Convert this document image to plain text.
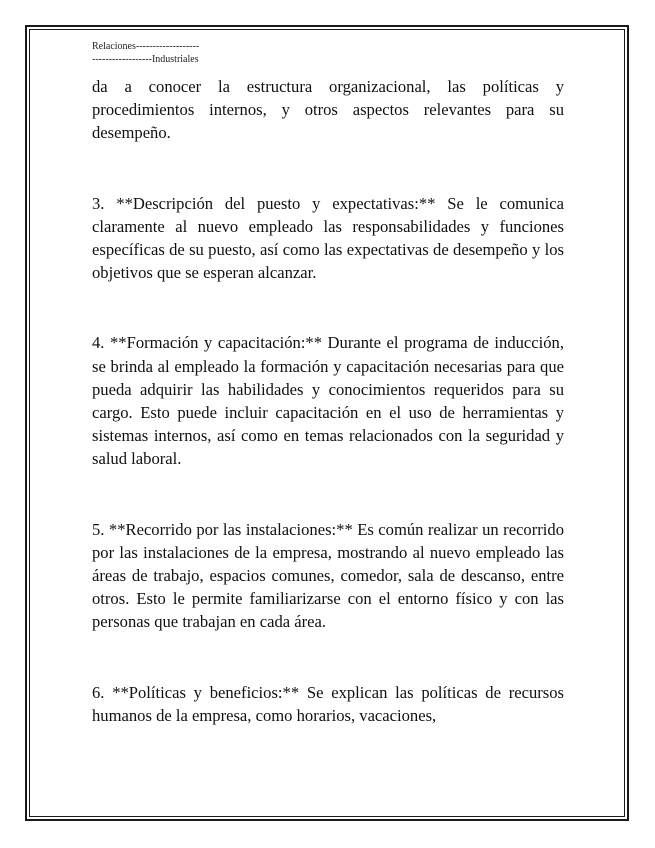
Relaciones-------------------
------------------Industriales

da a conocer la estructura organizacional, las políticas y procedimientos internos, y otros aspectos relevantes para su desempeño.

3. **Descripción del puesto y expectativas:** Se le comunica claramente al nuevo empleado las responsabilidades y funciones específicas de su puesto, así como las expectativas de desempeño y los objetivos que se esperan alcanzar.

4. **Formación y capacitación:** Durante el programa de inducción, se brinda al empleado la formación y capacitación necesarias para que pueda adquirir las habilidades y conocimientos requeridos para su cargo. Esto puede incluir capacitación en el uso de herramientas y sistemas internos, así como en temas relacionados con la seguridad y salud laboral.

5. **Recorrido por las instalaciones:** Es común realizar un recorrido por las instalaciones de la empresa, mostrando al nuevo empleado las áreas de trabajo, espacios comunes, comedor, sala de descanso, entre otros. Esto le permite familiarizarse con el entorno físico y con las personas que trabajan en cada área.

6. **Políticas y beneficios:** Se explican las políticas de recursos humanos de la empresa, como horarios, vacaciones,
